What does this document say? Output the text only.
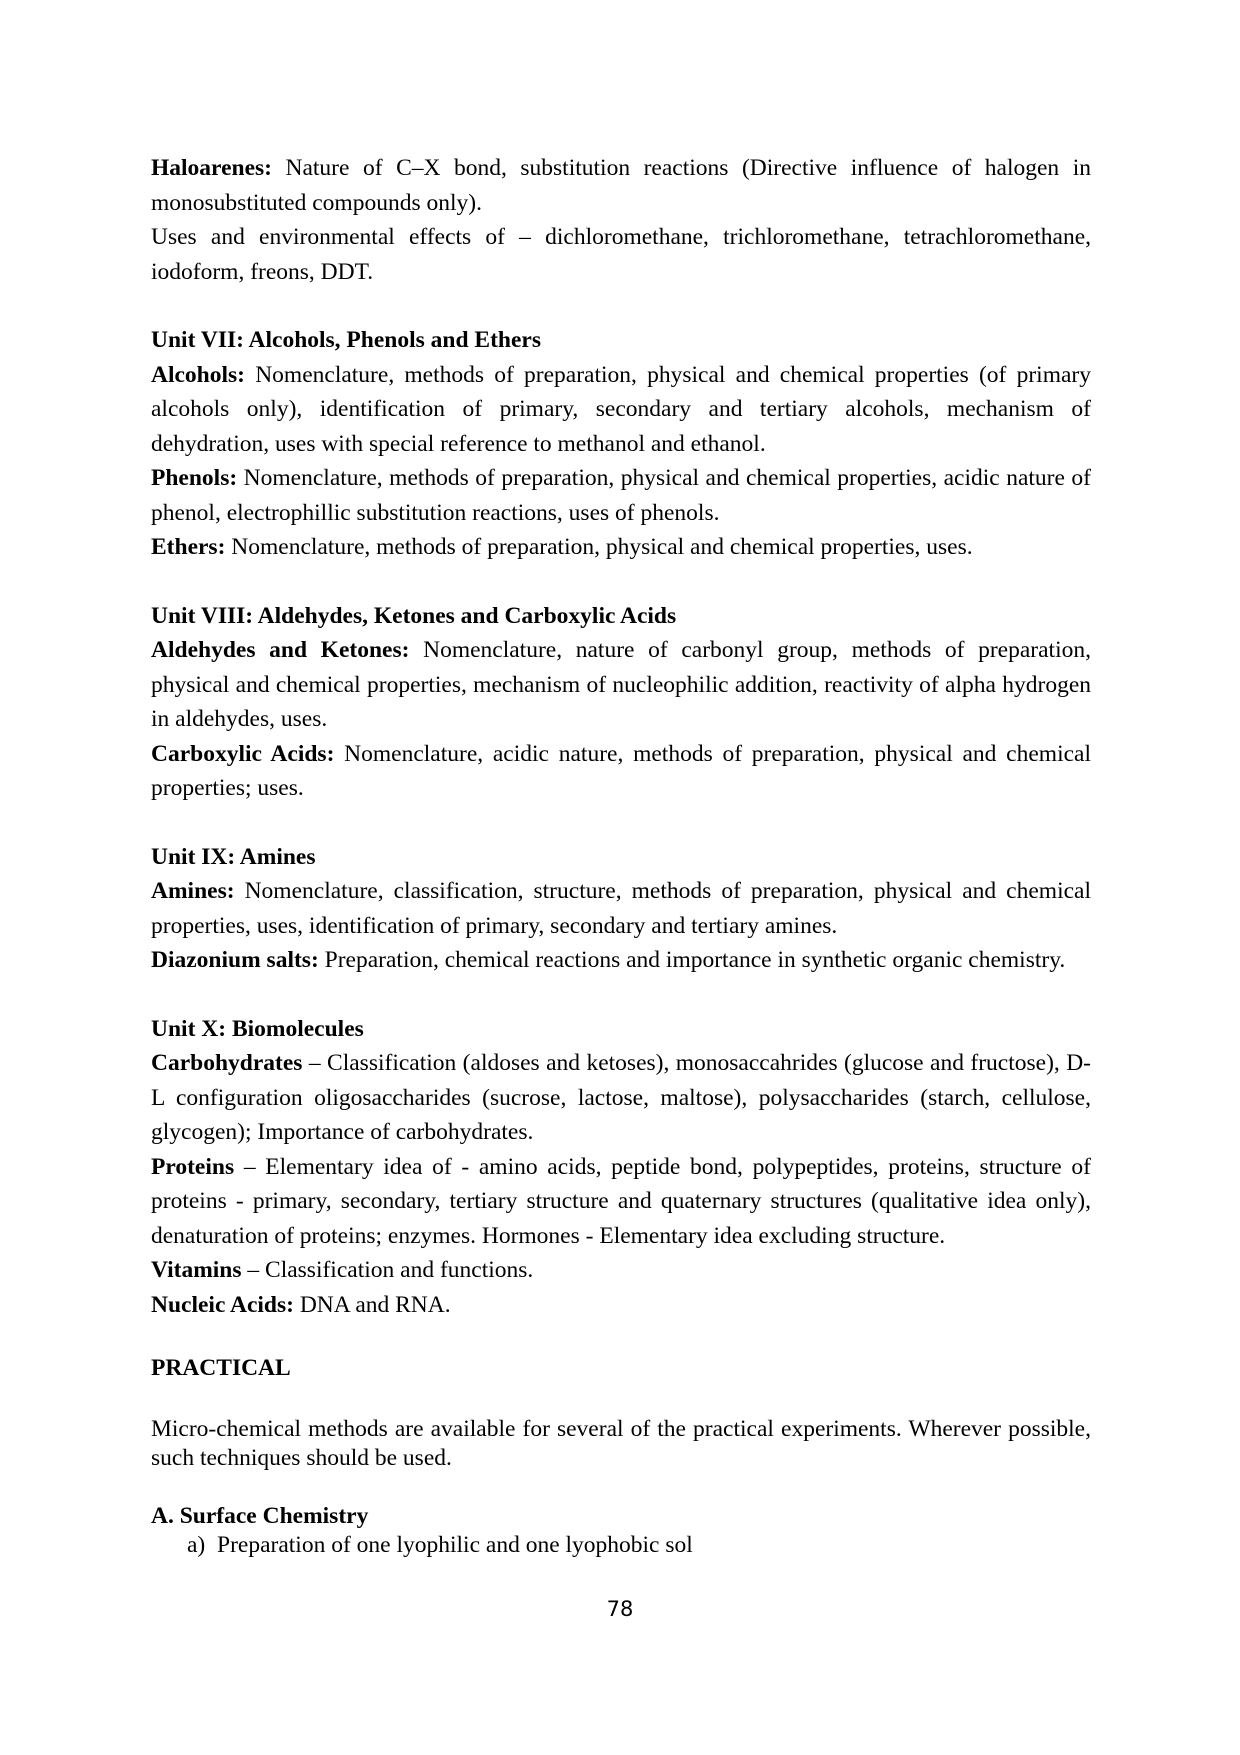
Haloarenes: Nature of C–X bond, substitution reactions (Directive influence of halogen in monosubstituted compounds only).

Uses and environmental effects of – dichloromethane, trichloromethane, tetrachloromethane, iodoform, freons, DDT.

Unit VII: Alcohols, Phenols and Ethers

Alcohols: Nomenclature, methods of preparation, physical and chemical properties (of primary alcohols only), identification of primary, secondary and tertiary alcohols, mechanism of dehydration, uses with special reference to methanol and ethanol.

Phenols: Nomenclature, methods of preparation, physical and chemical properties, acidic nature of phenol, electrophillic substitution reactions, uses of phenols.

Ethers: Nomenclature, methods of preparation, physical and chemical properties, uses.

Unit VIII: Aldehydes, Ketones and Carboxylic Acids

Aldehydes and Ketones: Nomenclature, nature of carbonyl group, methods of preparation, physical and chemical properties, mechanism of nucleophilic addition, reactivity of alpha hydrogen in aldehydes, uses.

Carboxylic Acids: Nomenclature, acidic nature, methods of preparation, physical and chemical properties; uses.

Unit IX: Amines

Amines: Nomenclature, classification, structure, methods of preparation, physical and chemical properties, uses, identification of primary, secondary and tertiary amines.

Diazonium salts: Preparation, chemical reactions and importance in synthetic organic chemistry.

Unit X: Biomolecules

Carbohydrates – Classification (aldoses and ketoses), monosaccahrides (glucose and fructose), D-L configuration oligosaccharides (sucrose, lactose, maltose), polysaccharides (starch, cellulose, glycogen); Importance of carbohydrates.

Proteins – Elementary idea of - amino acids, peptide bond, polypeptides, proteins, structure of proteins - primary, secondary, tertiary structure and quaternary structures (qualitative idea only), denaturation of proteins; enzymes. Hormones - Elementary idea excluding structure.

Vitamins – Classification and functions.

Nucleic Acids: DNA and RNA.

PRACTICAL

Micro-chemical methods are available for several of the practical experiments. Wherever possible, such techniques should be used.

A. Surface Chemistry

a) Preparation of one lyophilic and one lyophobic sol

78
